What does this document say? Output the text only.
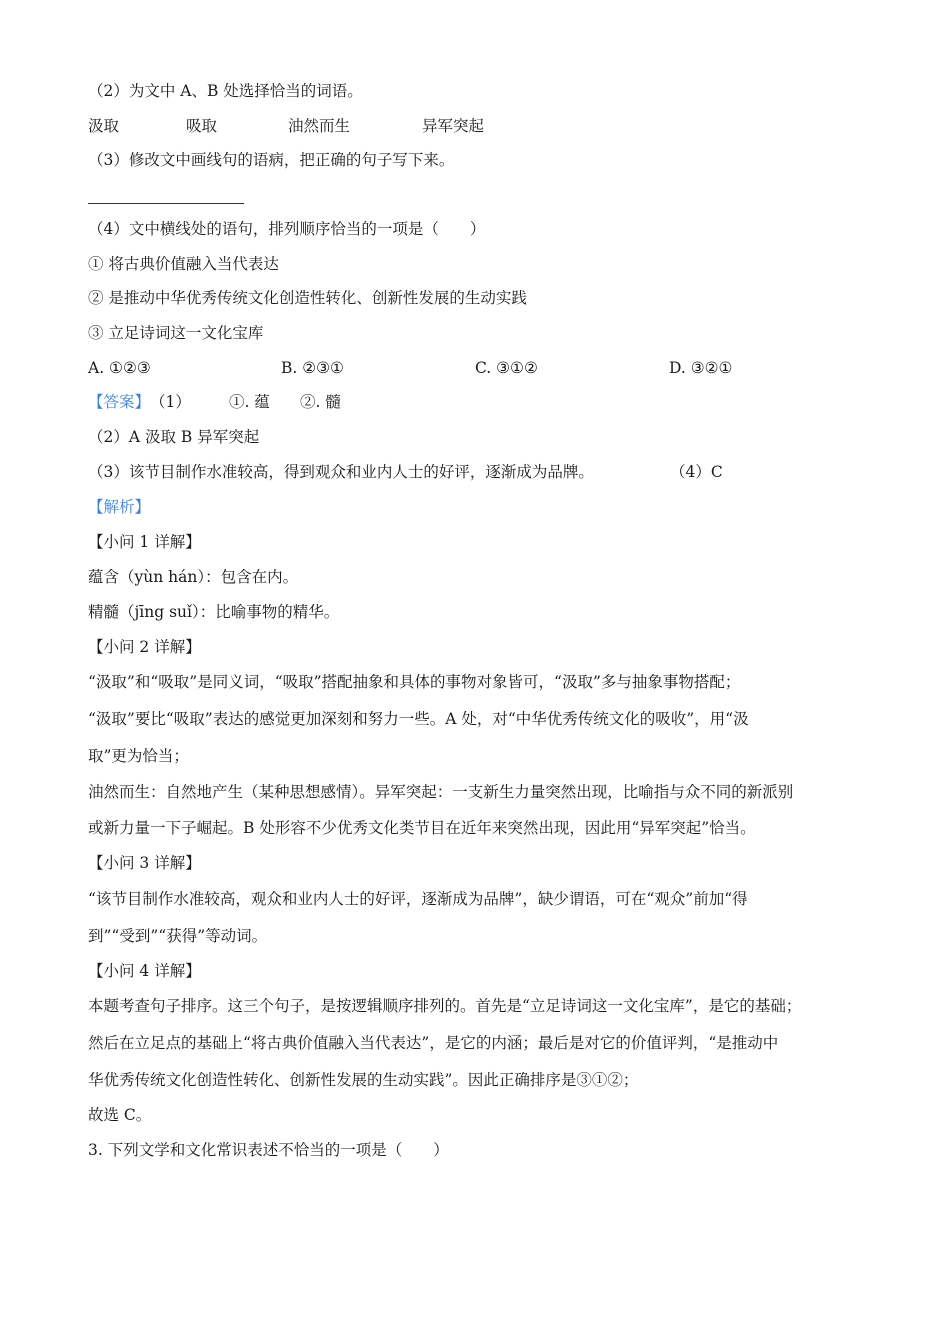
（2）为文中 A、B 处选择恰当的词语。
汲取	吸取	油然而生	异军突起
（3）修改文中画线句的语病，把正确的句子写下来。
（4）文中横线处的语句，排列顺序恰当的一项是（　　）
① 将古典价值融入当代表达
② 是推动中华优秀传统文化创造性转化、创新性发展的生动实践
③ 立足诗词这一文化宝库
A. ①②③	B. ②③①	C. ③①②	D. ③②①
【答案】 （1） ①. 蕴 ②. 髓
（2）A 汲取 B 异军突起
（3）该节目制作水准较高，得到观众和业内人士的好评，逐渐成为品牌。	（4）C
【解析】
【小问 1 详解】
蕴含（yùn hán）：包含在内。
精髓（jīng suǐ）：比喻事物的精华。
【小问 2 详解】
“汲取”和“吸取”是同义词，“吸取”搭配抽象和具体的事物对象皆可，“汲取”多与抽象事物搭配；
“汲取”要比“吸取”表达的感觉更加深刻和努力一些。A 处，对“中华优秀传统文化的吸收”，用“汲
取”更为恰当；
油然而生：自然地产生（某种思想感情）。异军突起：一支新生力量突然出现，比喻指与众不同的新派别
或新力量一下子崛起。B 处形容不少优秀文化类节目在近年来突然出现，因此用“异军突起”恰当。
【小问 3 详解】
“该节目制作水准较高，观众和业内人士的好评，逐渐成为品牌”，缺少谓语，可在“观众”前加“得
到”“受到”“获得”等动词。
【小问 4 详解】
本题考查句子排序。这三个句子，是按逻辑顺序排列的。首先是“立足诗词这一文化宝库”，是它的基础；
然后在立足点的基础上“将古典价值融入当代表达”，是它的内涵；最后是对它的价值评判，“是推动中
华优秀传统文化创造性转化、创新性发展的生动实践”。因此正确排序是③①②；
故选 C。
3. 下列文学和文化常识表述不恰当的一项是（　　）
